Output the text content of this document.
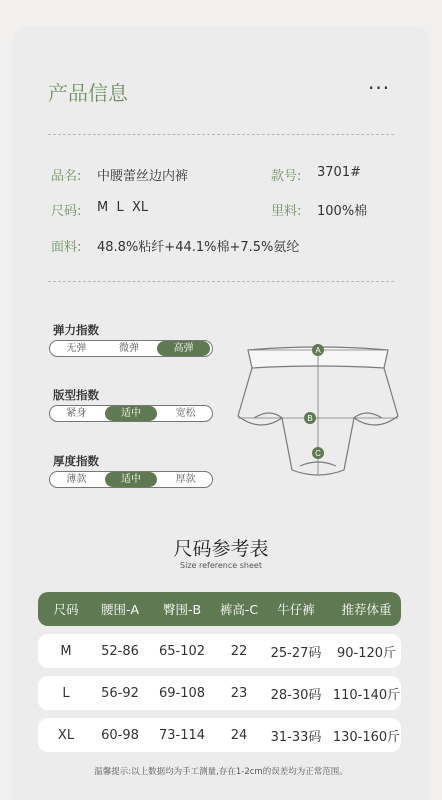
产品信息	···
品名: 中腰蕾丝边内裤	款号: 3701#
尺码: M  L  XL	里料: 100%棉
面料: 48.8%粘纤+44.1%棉+7.5%氨纶
弹力指数
无弹	微弹	高弹
版型指数
紧身	适中	宽松
厚度指数
薄款	适中	厚款
A
B
C
尺码参考表
Size reference sheet
尺码	腰围-A	臀围-B	裤高-C	牛仔裤	推荐体重
M	52-86	65-102	22	25-27码	90-120斤
L	56-92	69-108	23	28-30码 110-140斤
XL	60-98	73-114	24	31-33码 130-160斤
温馨提示:以上数据均为手工测量,存在1-2cm的误差均为正常范围。
